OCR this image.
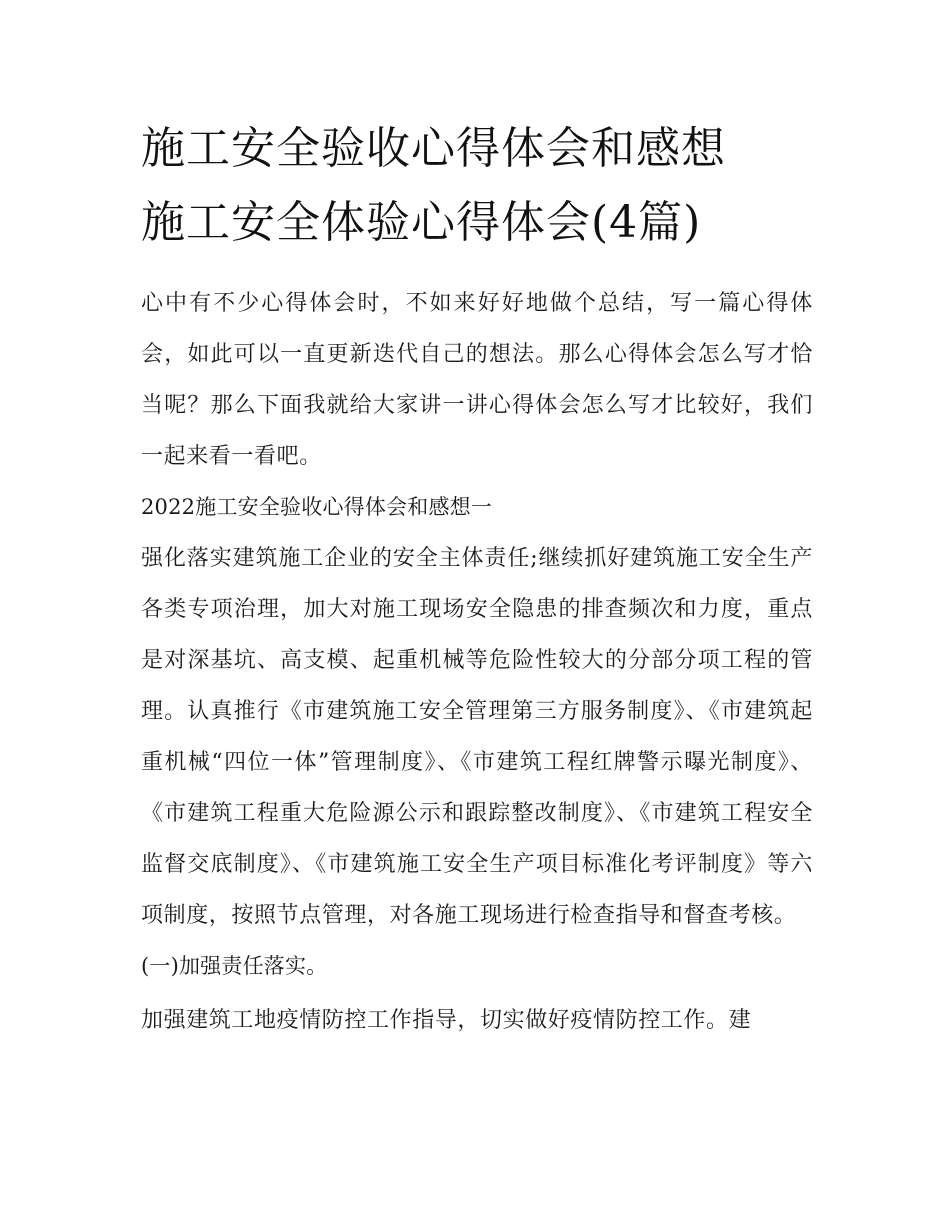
施工安全验收心得体会和感想
施工安全体验心得体会(4篇)

心中有不少心得体会时，不如来好好地做个总结，写一篇心得体会，如此可以一直更新迭代自己的想法。那么心得体会怎么写才恰当呢？那么下面我就给大家讲一讲心得体会怎么写才比较好，我们一起来看一看吧。

2022施工安全验收心得体会和感想一

强化落实建筑施工企业的安全主体责任;继续抓好建筑施工安全生产各类专项治理，加大对施工现场安全隐患的排查频次和力度，重点是对深基坑、高支模、起重机械等危险性较大的分部分项工程的管理。认真推行《市建筑施工安全管理第三方服务制度》、《市建筑起重机械“四位一体”管理制度》、《市建筑工程红牌警示曝光制度》、《市建筑工程重大危险源公示和跟踪整改制度》、《市建筑工程安全监督交底制度》、《市建筑施工安全生产项目标准化考评制度》等六项制度，按照节点管理，对各施工现场进行检查指导和督查考核。

(一)加强责任落实。

加强建筑工地疫情防控工作指导，切实做好疫情防控工作。建
